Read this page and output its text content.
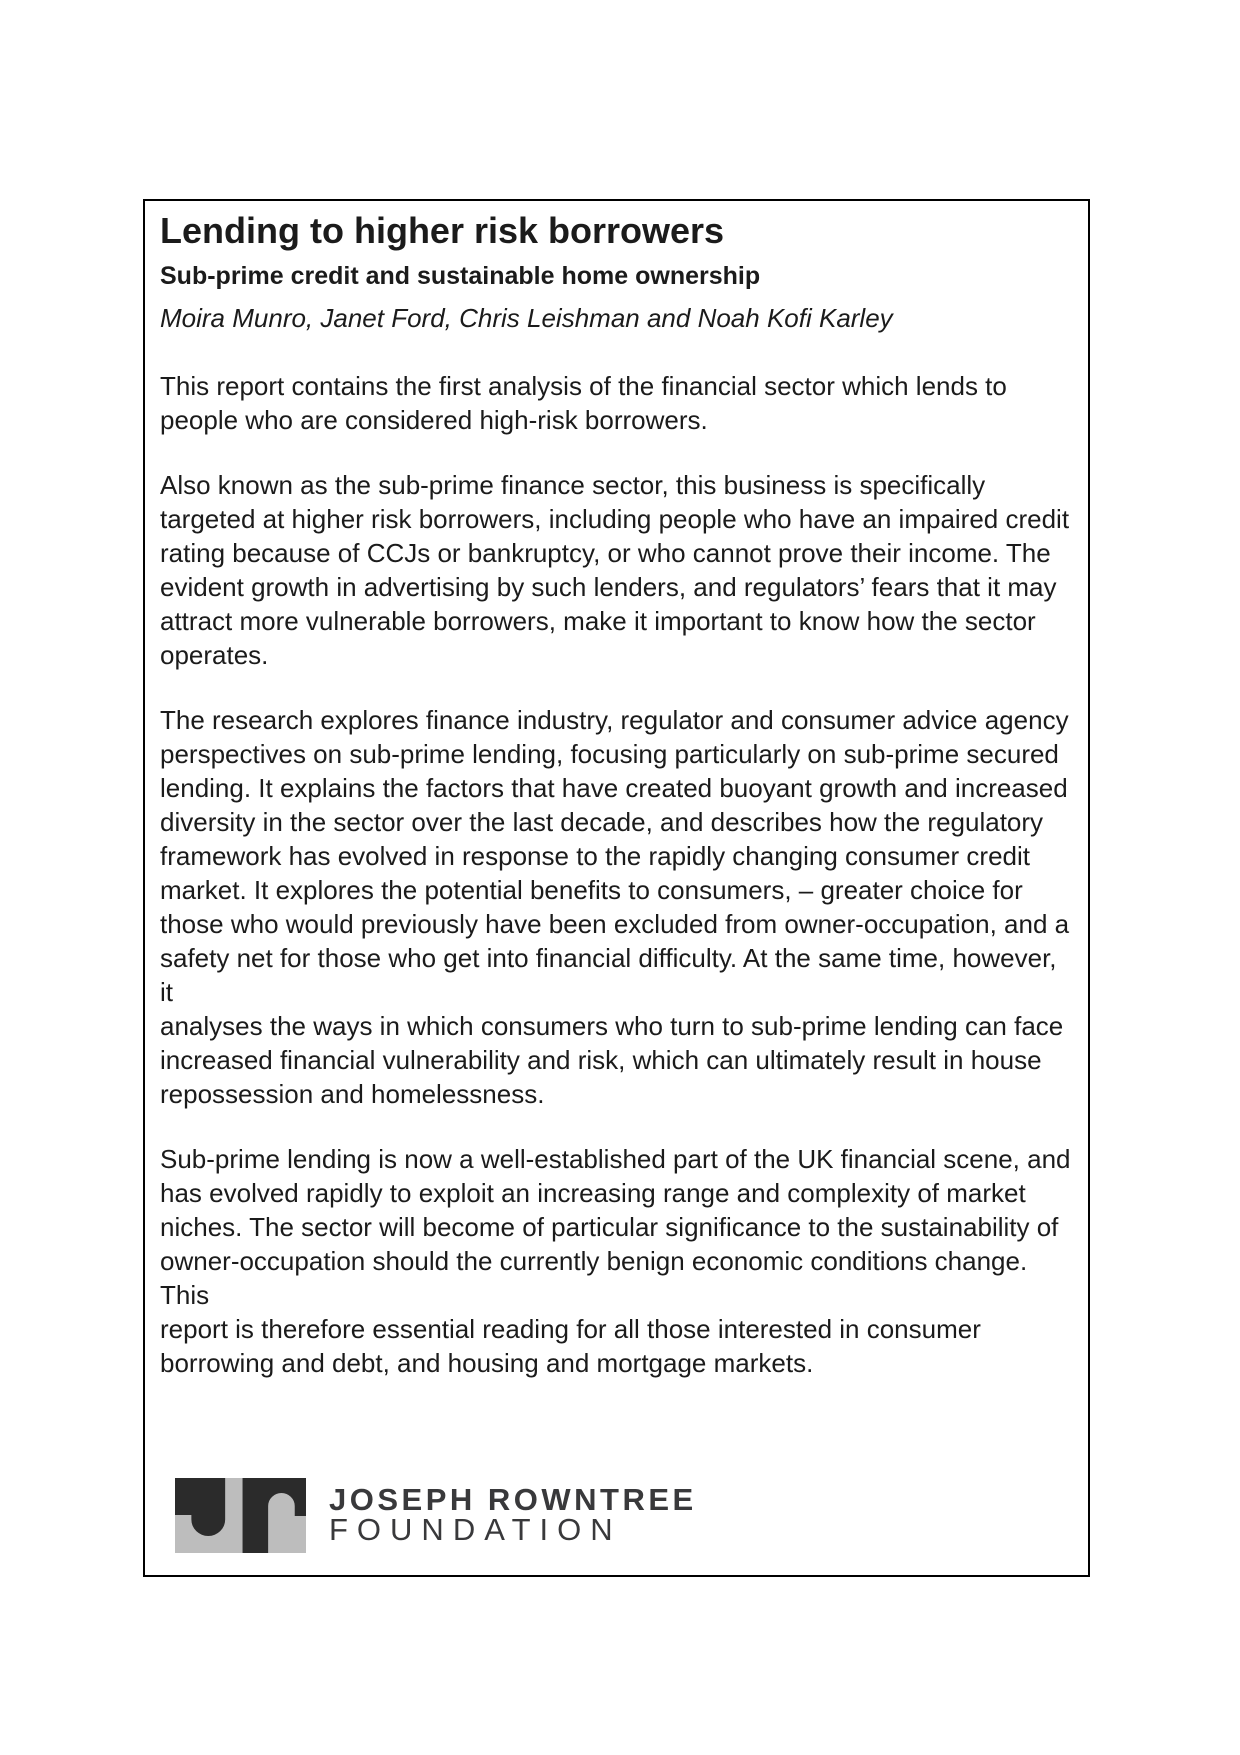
Lending to higher risk borrowers
Sub-prime credit and sustainable home ownership

Moira Munro, Janet Ford, Chris Leishman and Noah Kofi Karley

This report contains the first analysis of the financial sector which lends to
people who are considered high-risk borrowers.

Also known as the sub-prime finance sector, this business is specifically
targeted at higher risk borrowers, including people who have an impaired credit
rating because of CCJs or bankruptcy, or who cannot prove their income. The
evident growth in advertising by such lenders, and regulators’ fears that it may
attract more vulnerable borrowers, make it important to know how the sector
operates.

The research explores finance industry, regulator and consumer advice agency
perspectives on sub-prime lending, focusing particularly on sub-prime secured
lending. It explains the factors that have created buoyant growth and increased
diversity in the sector over the last decade, and describes how the regulatory
framework has evolved in response to the rapidly changing consumer credit
market. It explores the potential benefits to consumers, – greater choice for
those who would previously have been excluded from owner-occupation, and a
safety net for those who get into financial difficulty. At the same time, however, it
analyses the ways in which consumers who turn to sub-prime lending can face
increased financial vulnerability and risk, which can ultimately result in house
repossession and homelessness.

Sub-prime lending is now a well-established part of the UK financial scene, and
has evolved rapidly to exploit an increasing range and complexity of market
niches. The sector will become of particular significance to the sustainability of
owner-occupation should the currently benign economic conditions change. This
report is therefore essential reading for all those interested in consumer
borrowing and debt, and housing and mortgage markets.

JOSEPH ROWNTREE
FOUNDATION
